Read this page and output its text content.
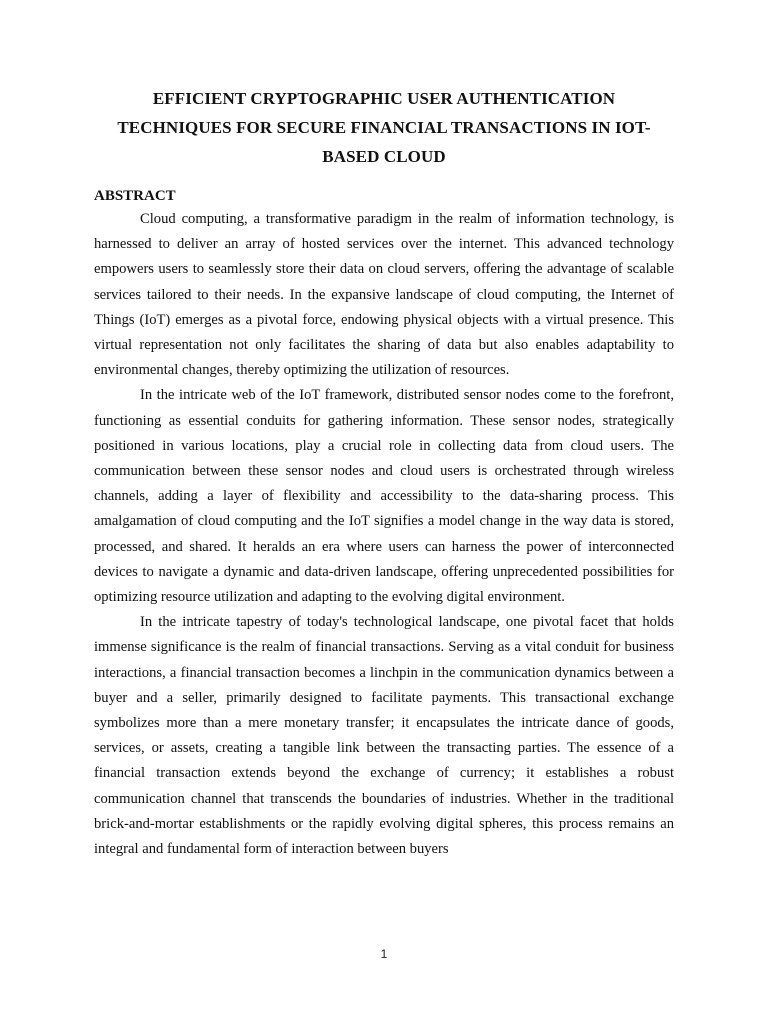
EFFICIENT CRYPTOGRAPHIC USER AUTHENTICATION TECHNIQUES FOR SECURE FINANCIAL TRANSACTIONS IN IOT-BASED CLOUD
ABSTRACT

Cloud computing, a transformative paradigm in the realm of information technology, is harnessed to deliver an array of hosted services over the internet. This advanced technology empowers users to seamlessly store their data on cloud servers, offering the advantage of scalable services tailored to their needs. In the expansive landscape of cloud computing, the Internet of Things (IoT) emerges as a pivotal force, endowing physical objects with a virtual presence. This virtual representation not only facilitates the sharing of data but also enables adaptability to environmental changes, thereby optimizing the utilization of resources.

In the intricate web of the IoT framework, distributed sensor nodes come to the forefront, functioning as essential conduits for gathering information. These sensor nodes, strategically positioned in various locations, play a crucial role in collecting data from cloud users. The communication between these sensor nodes and cloud users is orchestrated through wireless channels, adding a layer of flexibility and accessibility to the data-sharing process. This amalgamation of cloud computing and the IoT signifies a model change in the way data is stored, processed, and shared. It heralds an era where users can harness the power of interconnected devices to navigate a dynamic and data-driven landscape, offering unprecedented possibilities for optimizing resource utilization and adapting to the evolving digital environment.

In the intricate tapestry of today's technological landscape, one pivotal facet that holds immense significance is the realm of financial transactions. Serving as a vital conduit for business interactions, a financial transaction becomes a linchpin in the communication dynamics between a buyer and a seller, primarily designed to facilitate payments. This transactional exchange symbolizes more than a mere monetary transfer; it encapsulates the intricate dance of goods, services, or assets, creating a tangible link between the transacting parties. The essence of a financial transaction extends beyond the exchange of currency; it establishes a robust communication channel that transcends the boundaries of industries. Whether in the traditional brick-and-mortar establishments or the rapidly evolving digital spheres, this process remains an integral and fundamental form of interaction between buyers

1
